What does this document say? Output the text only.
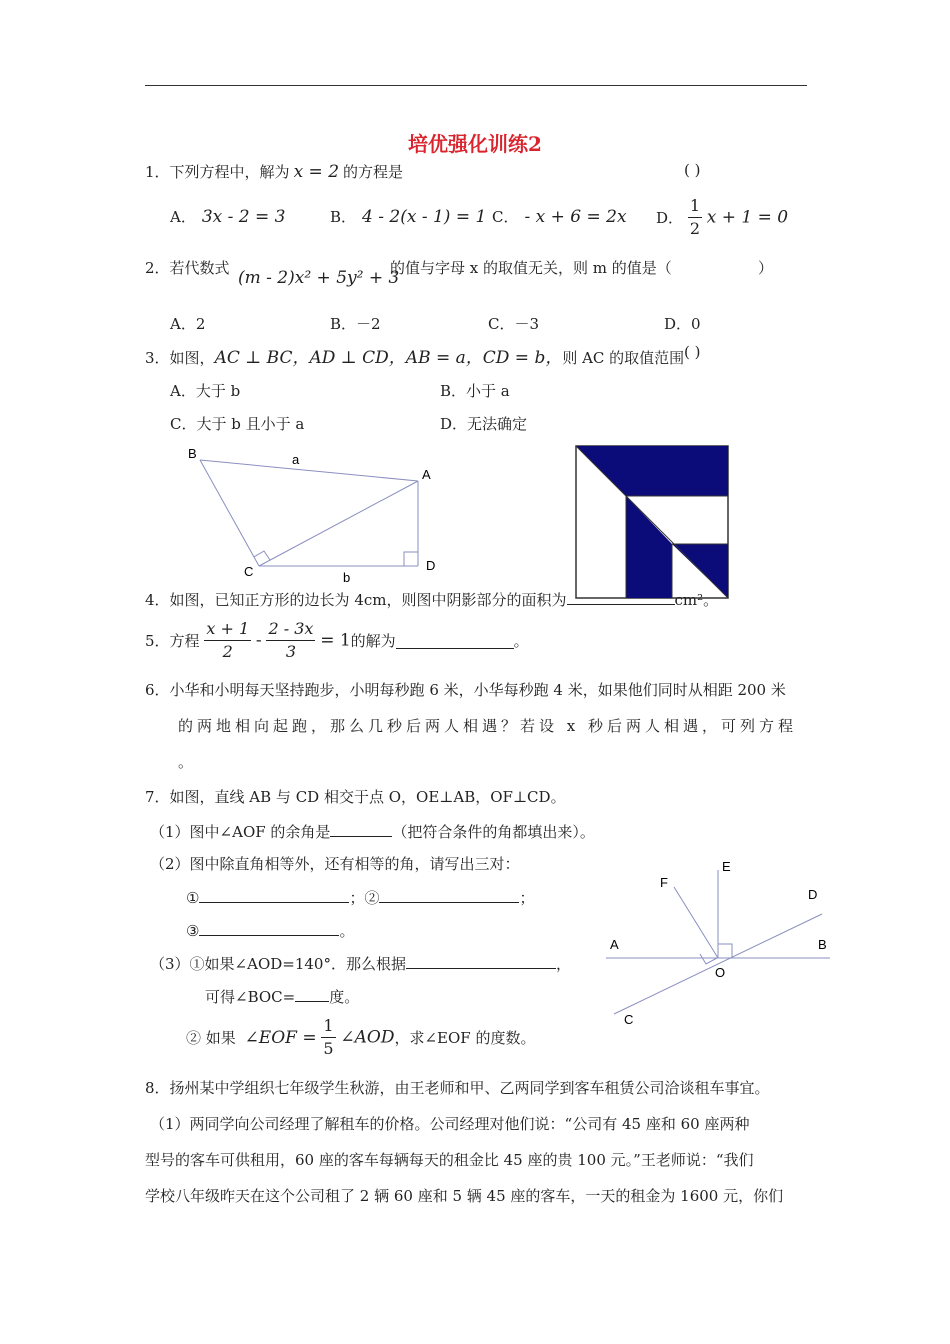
培优强化训练2
1．下列方程中，解为 x = 2 的方程是	( )
A． 3x - 2 = 3	B． 4 - 2(x - 1) = 1 C． - x + 6 = 2x D． $\frac{1}{2}$ x + 1 = 0
2．若代数式 (m - 2)x² + 5y² + 3
的值与字母 x 的取值无关，则 m 的值是（	）
A．2	B．－2	C．－3	D．0
3．如图，AC ⊥ BC，AD ⊥ CD，AB = a，CD = b，则 AC 的取值范围 ( )
A．大于 b	B．小于 a
C．大于 b 且小于 a	D．无法确定
B	a
A
C	D
b
4．如图，已知正方形的边长为 4cm，则图中阴影部分的面积为	cm²。
5．方程 $\frac{x + 1}{2} - \frac{2 - 3x}{3} = 1$的解为	。
6．小华和小明每天坚持跑步，小明每秒跑 6 米，小华每秒跑 4 米，如果他们同时从相距 200 米
的两地相向起跑，那么几秒后两人相遇？若设 x 秒后两人相遇，可列方程
。
7．如图，直线 AB 与 CD 相交于点 O，OE⊥AB，OF⊥CD。
（1）图中∠AOF 的余角是	（把符合条件的角都填出来）。
（2）图中除直角相等外，还有相等的角，请写出三对：
①	；②	；
③	。
（3）①如果∠AOD=140°．那么根据	，
可得∠BOC= 度。
② 如果 ∠EOF = $\frac{1}{5}$ ∠AOD，求∠EOF 的度数。
E
F
D
A	B
O
C
8．扬州某中学组织七年级学生秋游，由王老师和甲、乙两同学到客车租赁公司洽谈租车事宜。
（1）两同学向公司经理了解租车的价格。公司经理对他们说：“公司有 45 座和 60 座两种
型号的客车可供租用，60 座的客车每辆每天的租金比 45 座的贵 100 元。”王老师说：“我们
学校八年级昨天在这个公司租了 2 辆 60 座和 5 辆 45 座的客车，一天的租金为 1600 元，你们
